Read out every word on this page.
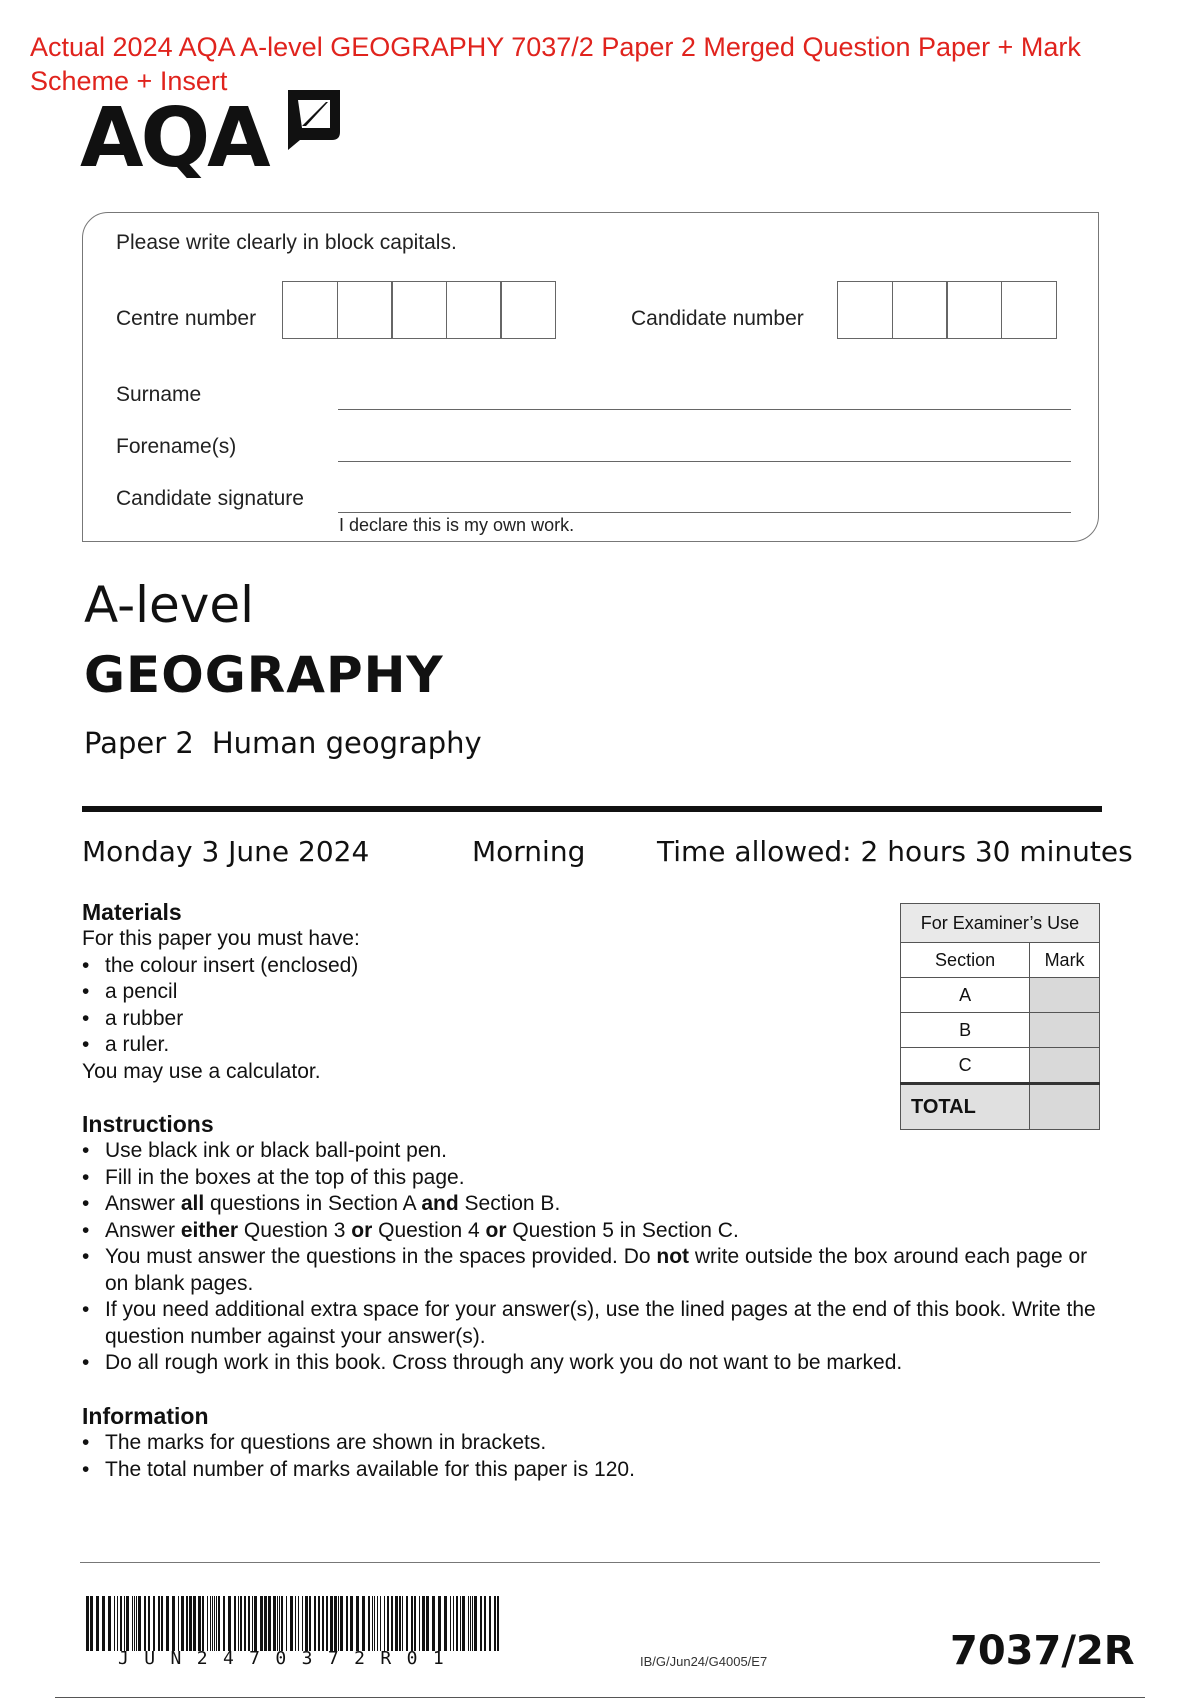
Actual 2024 AQA A-level GEOGRAPHY 7037/2 Paper 2 Merged Question Paper + Mark Scheme + Insert
AQA
Please write clearly in block capitals.
Centre number	Candidate number
Surname
Forename(s)
Candidate signature
I declare this is my own work.
A-level
GEOGRAPHY
Paper 2 Human geography
Monday 3 June 2024	Morning	Time allowed: 2 hours 30 minutes
Materials
For this paper you must have:
• the colour insert (enclosed)
• a pencil
• a rubber
• a ruler.
You may use a calculator.
For Examiner’s Use	
Section	Mark
A	
B	
C	
TOTAL	
Instructions
• Use black ink or black ball-point pen.
• Fill in the boxes at the top of this page.
• Answer all questions in Section A and Section B.
• Answer either Question 3 or Question 4 or Question 5 in Section C.
• You must answer the questions in the spaces provided. Do not write outside the box around each page or on blank pages.
• If you need additional extra space for your answer(s), use the lined pages at the end of this book. Write the question number against your answer(s).
• Do all rough work in this book. Cross through any work you do not want to be marked.
Information
• The marks for questions are shown in brackets.
• The total number of marks available for this paper is 120.
JUN2470372R01	IB/G/Jun24/G4005/E7	7037/2R
